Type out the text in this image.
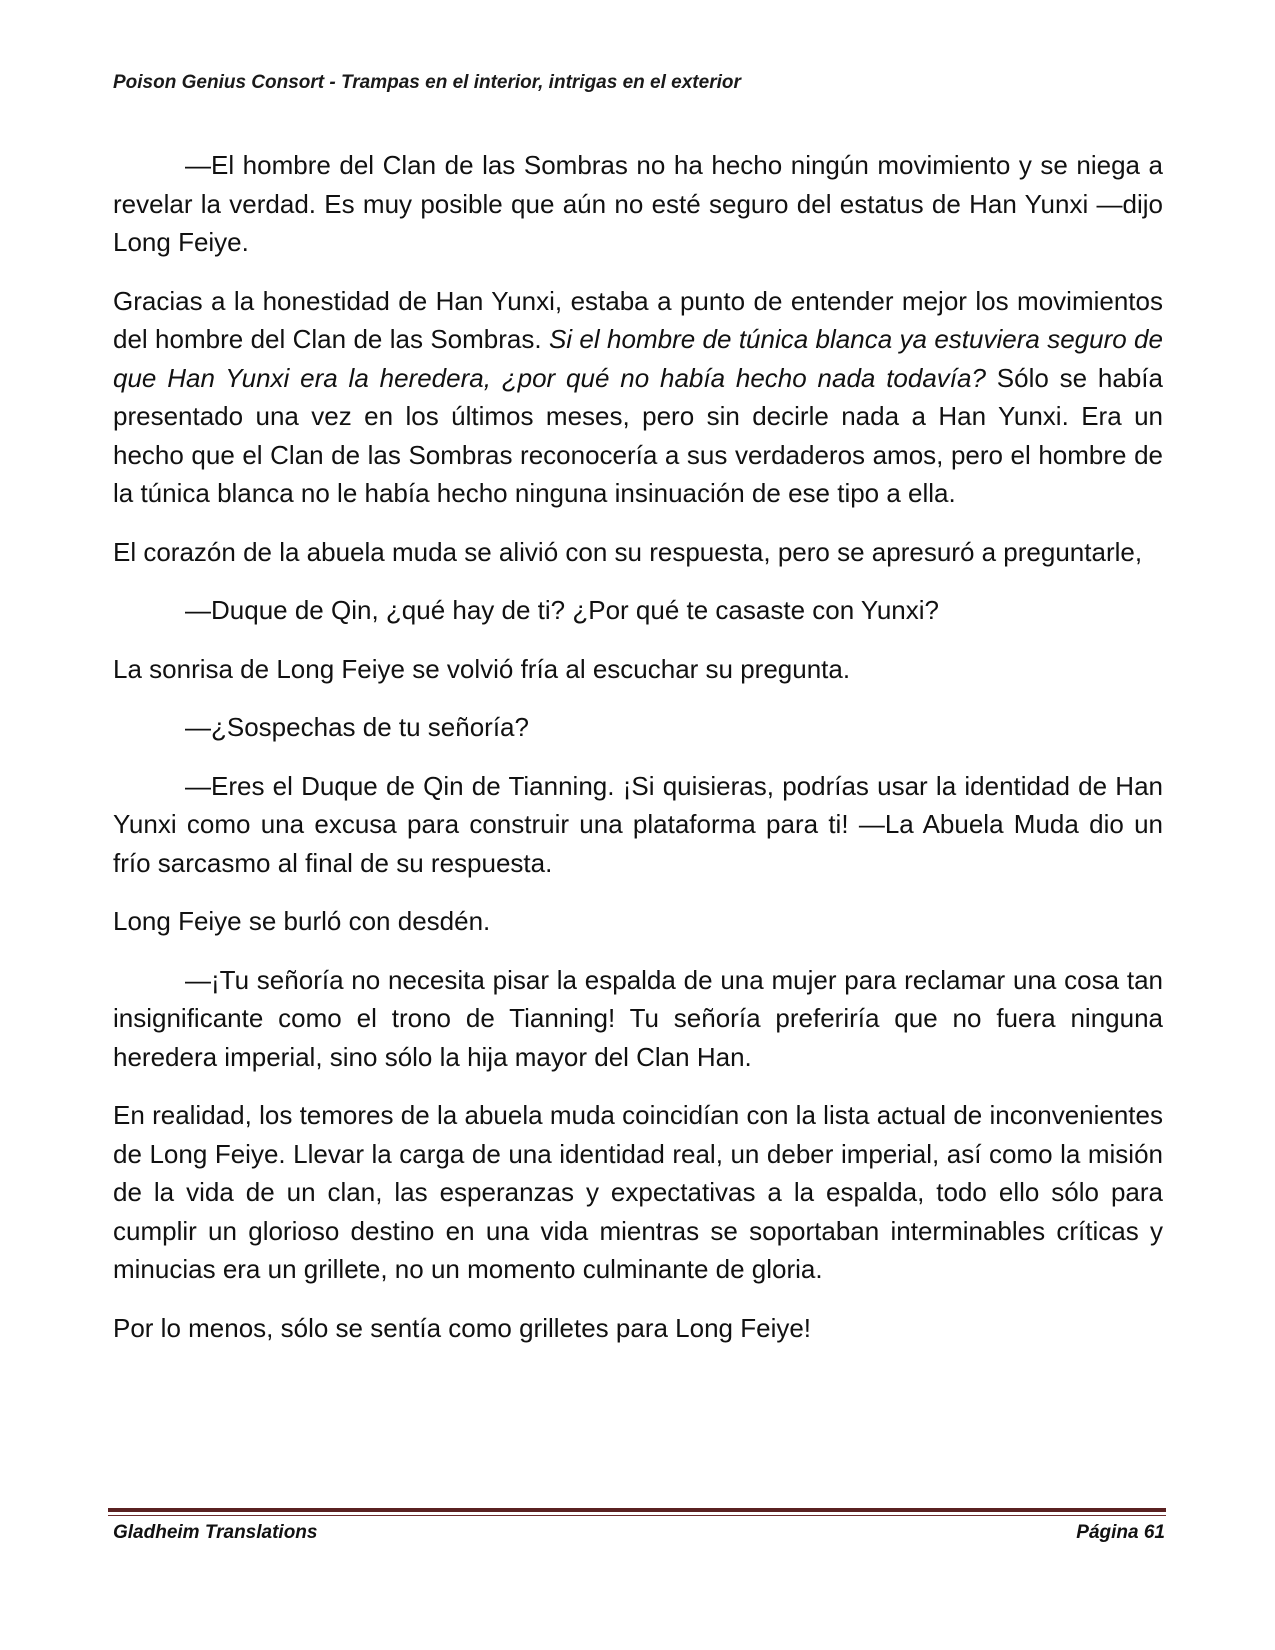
Poison Genius Consort - Trampas en el interior, intrigas en el exterior

—El hombre del Clan de las Sombras no ha hecho ningún movimiento y se niega a revelar la verdad. Es muy posible que aún no esté seguro del estatus de Han Yunxi —dijo Long Feiye.

Gracias a la honestidad de Han Yunxi, estaba a punto de entender mejor los movimientos del hombre del Clan de las Sombras. Si el hombre de túnica blanca ya estuviera seguro de que Han Yunxi era la heredera, ¿por qué no había hecho nada todavía? Sólo se había presentado una vez en los últimos meses, pero sin decirle nada a Han Yunxi. Era un hecho que el Clan de las Sombras reconocería a sus verdaderos amos, pero el hombre de la túnica blanca no le había hecho ninguna insinuación de ese tipo a ella.

El corazón de la abuela muda se alivió con su respuesta, pero se apresuró a preguntarle,

—Duque de Qin, ¿qué hay de ti? ¿Por qué te casaste con Yunxi?

La sonrisa de Long Feiye se volvió fría al escuchar su pregunta.

—¿Sospechas de tu señoría?

—Eres el Duque de Qin de Tianning. ¡Si quisieras, podrías usar la identidad de Han Yunxi como una excusa para construir una plataforma para ti! —La Abuela Muda dio un frío sarcasmo al final de su respuesta.

Long Feiye se burló con desdén.

—¡Tu señoría no necesita pisar la espalda de una mujer para reclamar una cosa tan insignificante como el trono de Tianning! Tu señoría preferiría que no fuera ninguna heredera imperial, sino sólo la hija mayor del Clan Han.

En realidad, los temores de la abuela muda coincidían con la lista actual de inconvenientes de Long Feiye. Llevar la carga de una identidad real, un deber imperial, así como la misión de la vida de un clan, las esperanzas y expectativas a la espalda, todo ello sólo para cumplir un glorioso destino en una vida mientras se soportaban interminables críticas y minucias era un grillete, no un momento culminante de gloria.

Por lo menos, sólo se sentía como grilletes para Long Feiye!

Gladheim Translations	Página 61
